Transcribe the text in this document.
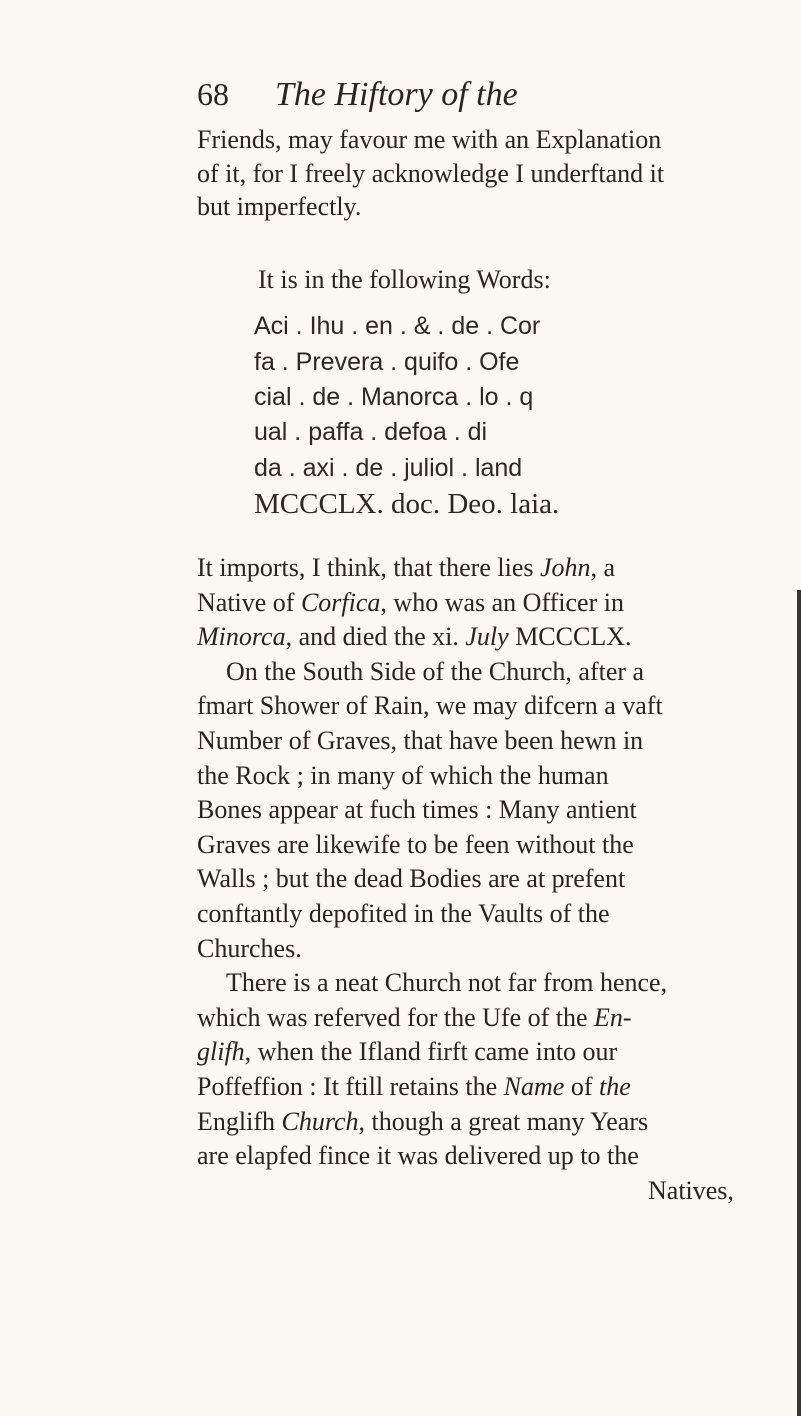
68 The Hiftory of the
Friends, may favour me with an Explanation
of it, for I freely acknowledge I underftand it
but imperfectly.
It is in the following Words:
Aci . Ihu . en . & . de . Cor
fa . Prevera . quifo . Ofe
cial . de . Manorca . lo . q
ual . paffa . defoa . di
da . axi . de . juliol . land
MCCCLX. doc. Deo. laia.
It imports, I think, that there lies John, a
Native of Corfica, who was an Officer in
Minorca, and died the xi. July MCCCLX.
On the South Side of the Church, after a
fmart Shower of Rain, we may difcern a vaft
Number of Graves, that have been hewn in
the Rock ; in many of which the human
Bones appear at fuch times : Many antient
Graves are likewife to be feen without the
Walls ; but the dead Bodies are at prefent
conftantly depofited in the Vaults of the
Churches.
There is a neat Church not far from hence,
which was referved for the Ufe of the En-
glifh, when the Ifland firft came into our
Poffeffion : It ftill retains the Name of the
Englifh Church, though a great many Years
are elapfed fince it was delivered up to the
Natives,
